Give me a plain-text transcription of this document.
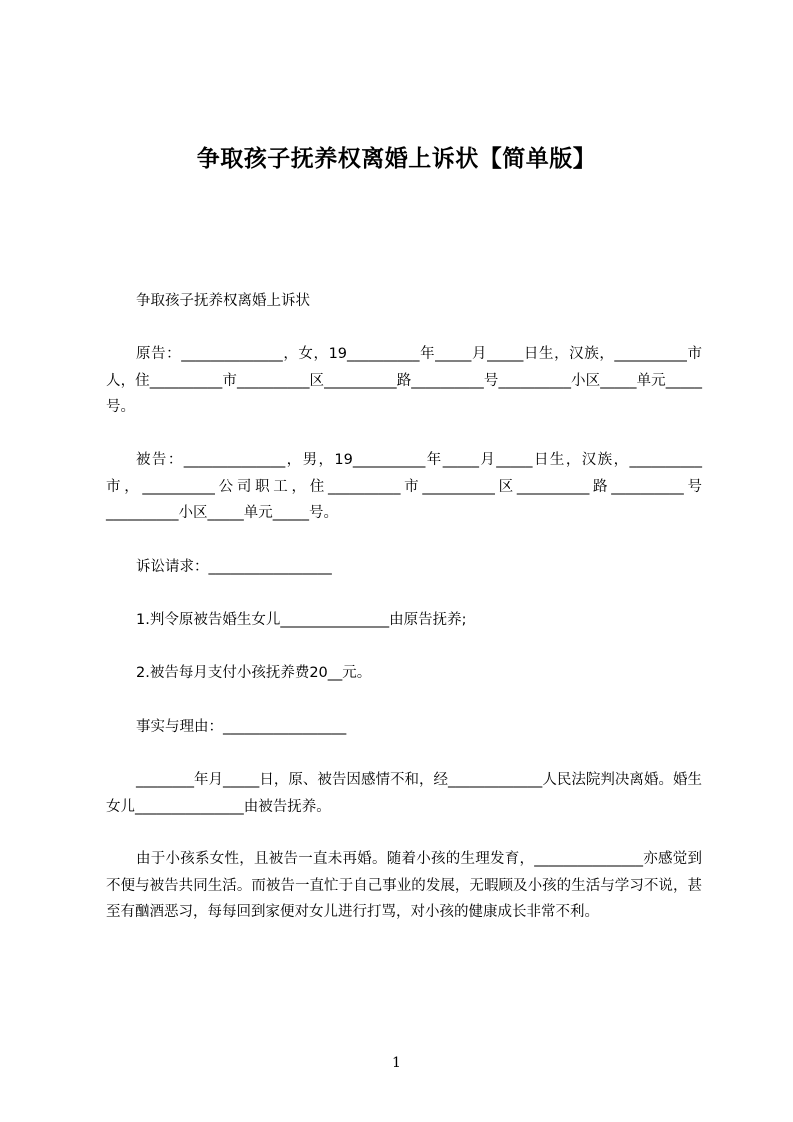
争取孩子抚养权离婚上诉状【简单版】
争取孩子抚养权离婚上诉状
原告：______________，女，19__________年_____月_____日生，汉族，__________市人，住__________市__________区__________路__________号__________小区_____单元_____号。
被告：______________，男，19__________年_____月_____日生，汉族，__________市，__________公司职工，住__________市__________区__________路__________号__________小区_____单元_____号。
诉讼请求：_________________
1.判令原被告婚生女儿_______________由原告抚养;
2.被告每月支付小孩抚养费20__元。
事实与理由：_________________
________年月_____日，原、被告因感情不和，经_____________人民法院判决离婚。婚生女儿_______________由被告抚养。
由于小孩系女性，且被告一直未再婚。随着小孩的生理发育，_______________亦感觉到不便与被告共同生活。而被告一直忙于自己事业的发展，无暇顾及小孩的生活与学习不说，甚至有酗酒恶习，每每回到家便对女儿进行打骂，对小孩的健康成长非常不利。
1
